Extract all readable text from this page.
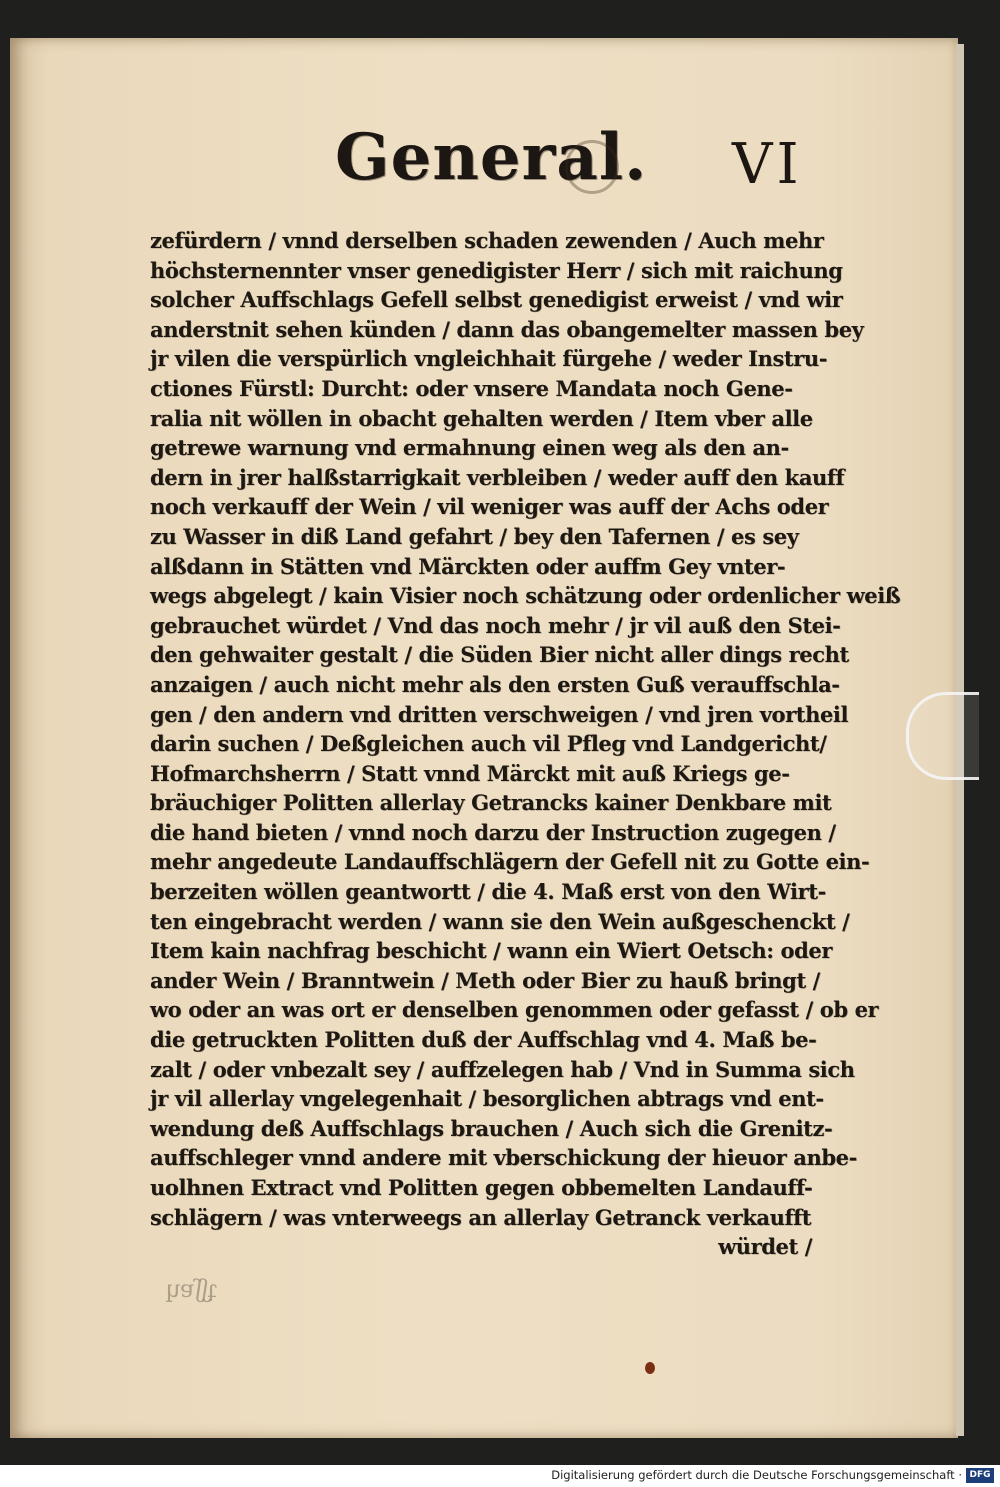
General. VI
zefürdern / vnnd derselben schaden zewenden / Auch mehr
höchsternennter vnser genedigister Herr / sich mit raichung
solcher Auffschlags Gefell selbst genedigist erweist / vnd wir
anderstnit sehen künden / dann das obangemelter massen bey
jr vilen die verspürlich vngleichhait fürgehe / weder Instru-
ctiones Fürstl: Durcht: oder vnsere Mandata noch Gene-
ralia nit wöllen in obacht gehalten werden / Item vber alle
getrewe warnung vnd ermahnung einen weg als den an-
dern in jrer halßstarrigkait verbleiben / weder auff den kauff
noch verkauff der Wein / vil weniger was auff der Achs oder
zu Wasser in diß Land gefahrt / bey den Tafernen / es sey
alßdann in Stätten vnd Märckten oder auffm Gey vnter-
wegs abgelegt / kain Visier noch schätzung oder ordenlicher weiß
gebrauchet würdet / Vnd das noch mehr / jr vil auß den Stei-
den gehwaiter gestalt / die Süden Bier nicht aller dings recht
anzaigen / auch nicht mehr als den ersten Guß verauffschla-
gen / den andern vnd dritten verschweigen / vnd jren vortheil
darin suchen / Deßgleichen auch vil Pfleg vnd Landgericht/
Hofmarchsherrn / Statt vnnd Märckt mit auß Kriegs ge-
bräuchiger Politten allerlay Getrancks kainer Denkbare mit
die hand bieten / vnnd noch darzu der Instruction zugegen /
mehr angedeute Landauffschlägern der Gefell nit zu Gotte ein-
berzeiten wöllen geantwortt / die 4. Maß erst von den Wirt-
ten eingebracht werden / wann sie den Wein außgeschenckt /
Item kain nachfrag beschicht / wann ein Wiert Oetsch: oder
ander Wein / Branntwein / Meth oder Bier zu hauß bringt /
wo oder an was ort er denselben genommen oder gefasst / ob er
die getruckten Politten duß der Auffschlag vnd 4. Maß be-
zalt / oder vnbezalt sey / auffzelegen hab / Vnd in Summa sich
jr vil allerlay vngelegenhait / besorglichen abtrags vnd ent-
wendung deß Auffschlags brauchen / Auch sich die Grenitz-
auffschleger vnnd andere mit vberschickung der hieuor anbe-
uolhnen Extract vnd Politten gegen obbemelten Landauff-
schlägern / was vnterweegs an allerlay Getranck verkaufft
würdet /
ʇʃʃɐɥ
Digitalisierung gefördert durch die Deutsche Forschungsgemeinschaft · DFG
